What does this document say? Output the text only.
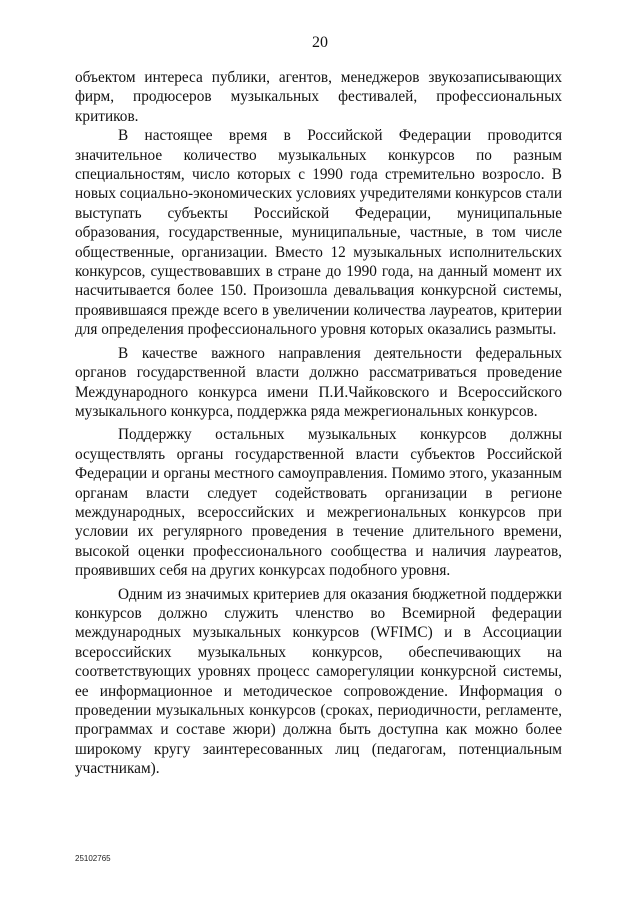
20

объектом интереса публики, агентов, менеджеров звукозаписывающих фирм, продюсеров музыкальных фестивалей, профессиональных критиков.

В настоящее время в Российской Федерации проводится значительное количество музыкальных конкурсов по разным специальностям, число которых с 1990 года стремительно возросло. В новых социально-экономических условиях учредителями конкурсов стали выступать субъекты Российской Федерации, муниципальные образования, государственные, муниципальные, частные, в том числе общественные, организации. Вместо 12 музыкальных исполнительских конкурсов, существовавших в стране до 1990 года, на данный момент их насчитывается более 150. Произошла девальвация конкурсной системы, проявившаяся прежде всего в увеличении количества лауреатов, критерии для определения профессионального уровня которых оказались размыты.

В качестве важного направления деятельности федеральных органов государственной власти должно рассматриваться проведение Международного конкурса имени П.И.Чайковского и Всероссийского музыкального конкурса, поддержка ряда межрегиональных конкурсов.

Поддержку остальных музыкальных конкурсов должны осуществлять органы государственной власти субъектов Российской Федерации и органы местного самоуправления. Помимо этого, указанным органам власти следует содействовать организации в регионе международных, всероссийских и межрегиональных конкурсов при условии их регулярного проведения в течение длительного времени, высокой оценки профессионального сообщества и наличия лауреатов, проявивших себя на других конкурсах подобного уровня.

Одним из значимых критериев для оказания бюджетной поддержки конкурсов должно служить членство во Всемирной федерации международных музыкальных конкурсов (WFIMC) и в Ассоциации всероссийских музыкальных конкурсов, обеспечивающих на соответствующих уровнях процесс саморегуляции конкурсной системы, ее информационное и методическое сопровождение. Информация о проведении музыкальных конкурсов (сроках, периодичности, регламенте, программах и составе жюри) должна быть доступна как можно более широкому кругу заинтересованных лиц (педагогам, потенциальным участникам).

25102765
